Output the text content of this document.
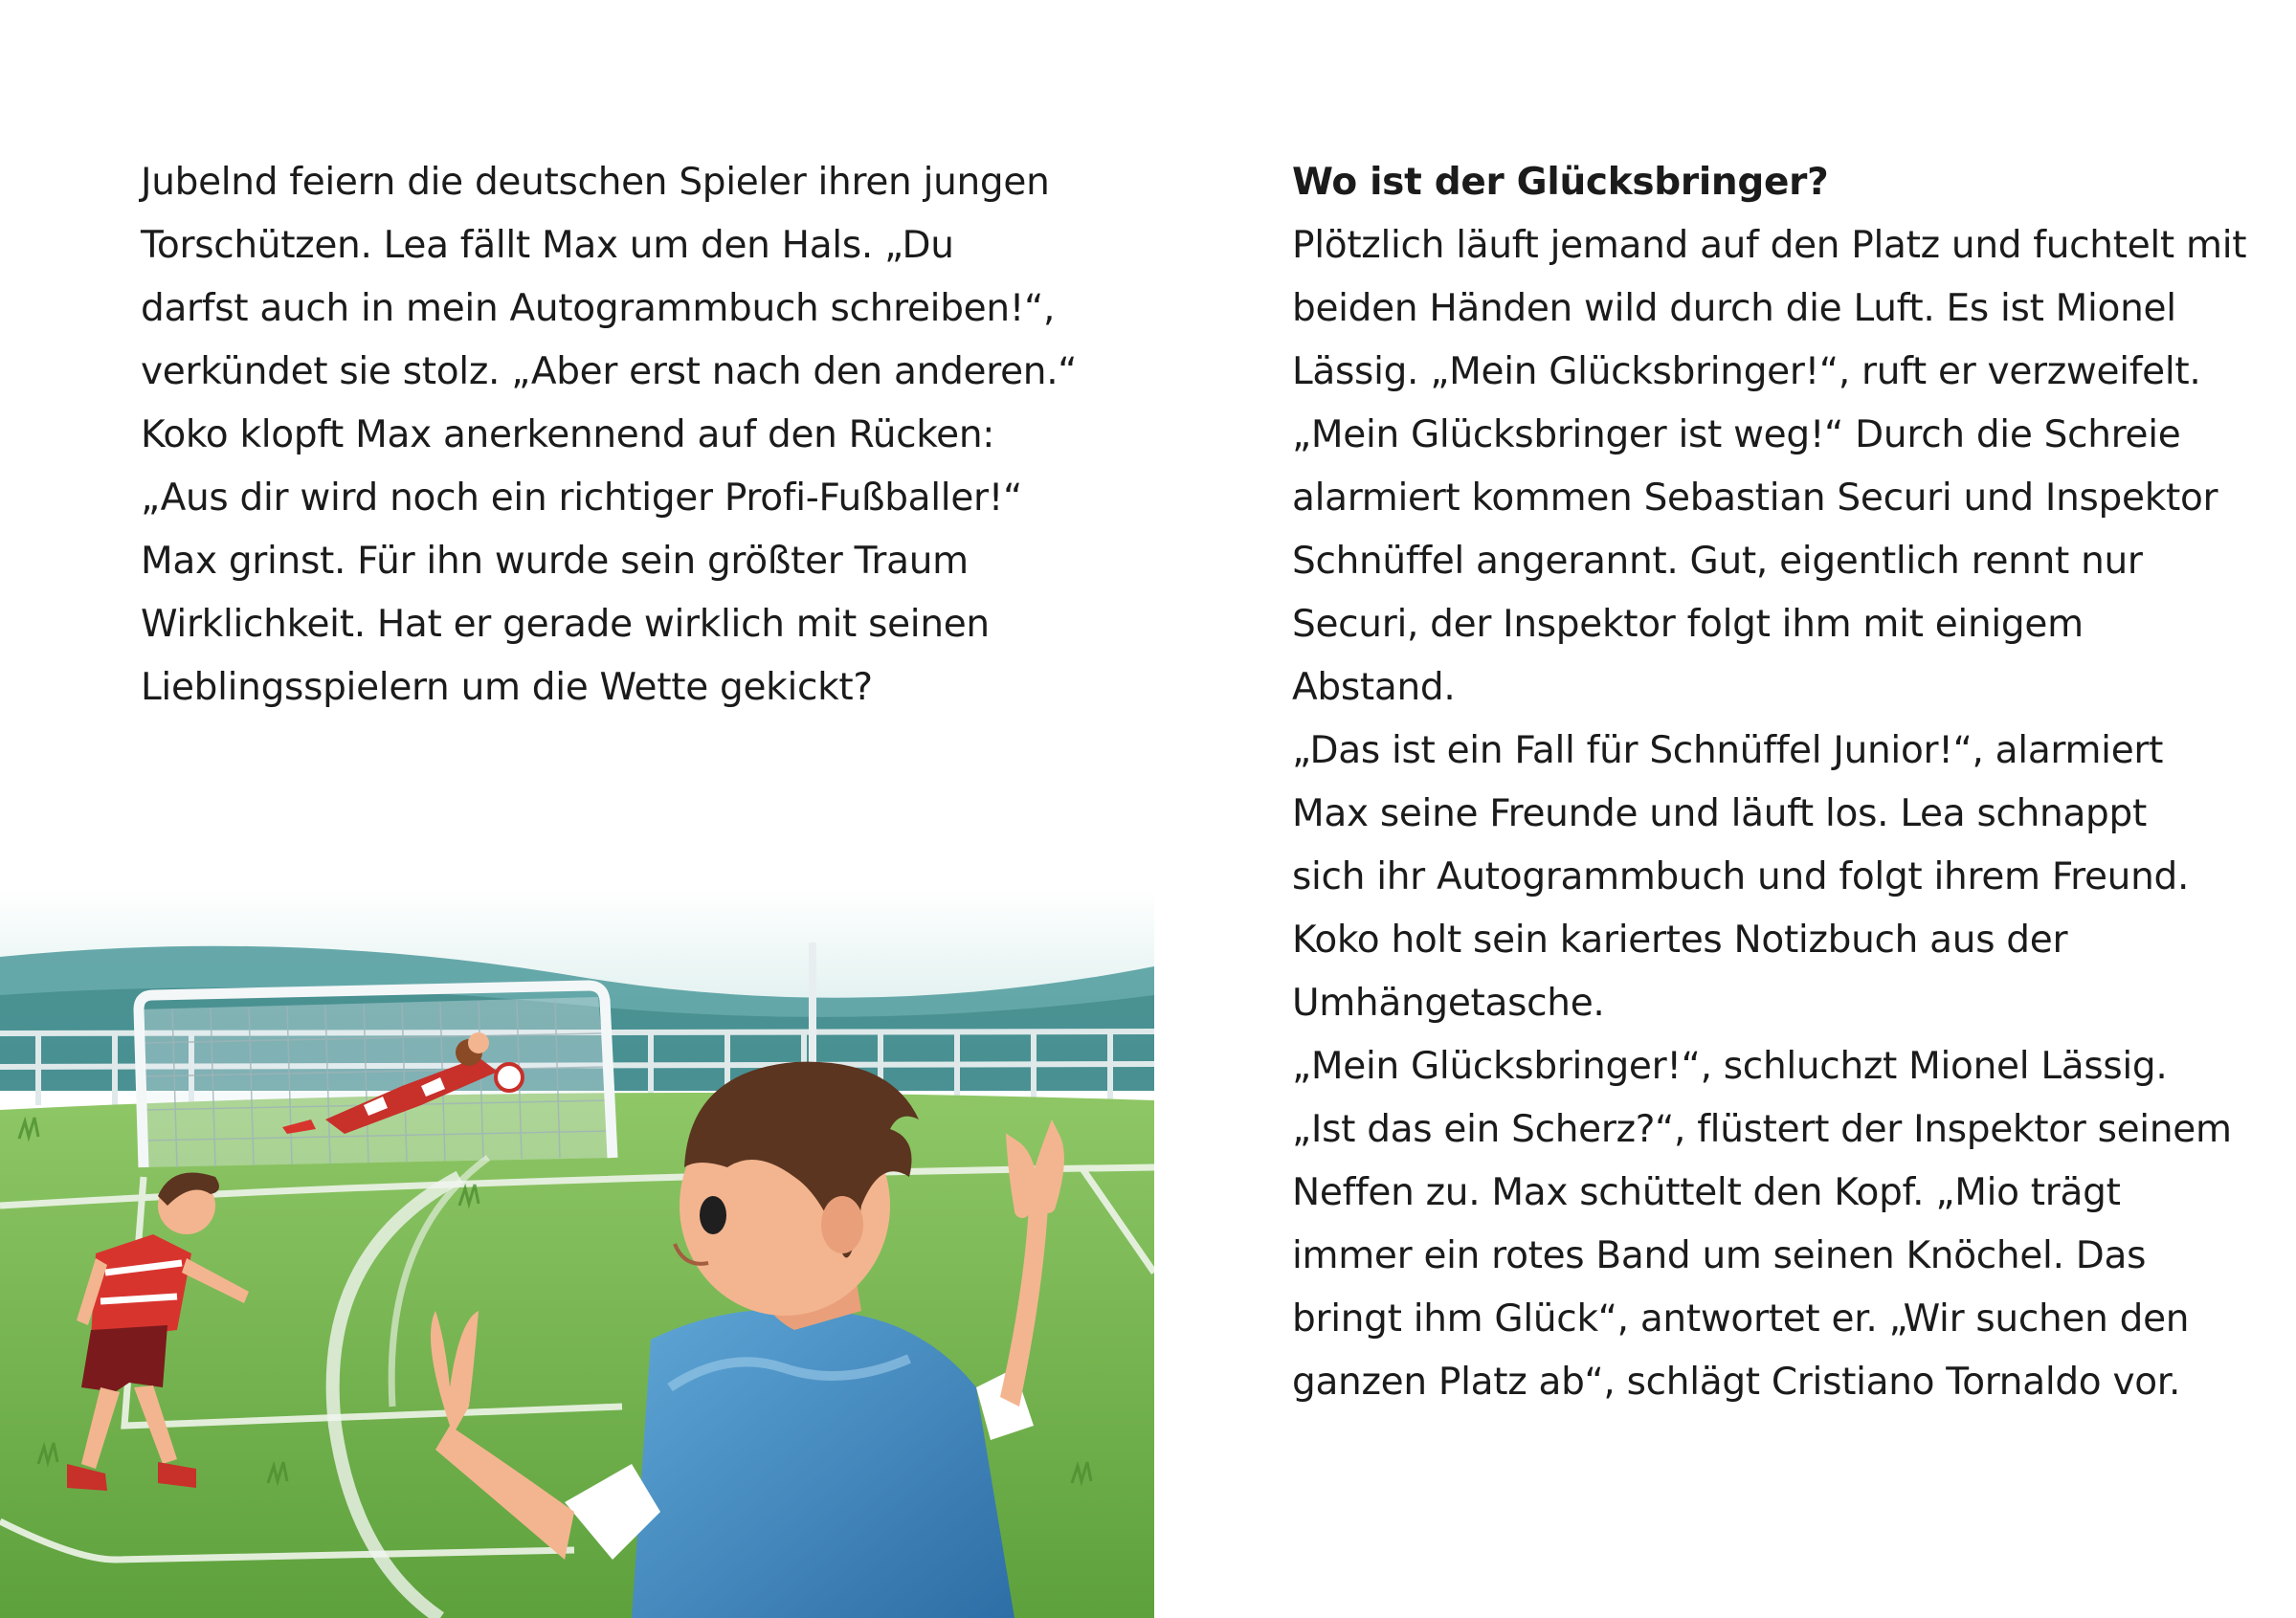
Jubelnd feiern die deutschen Spieler ihren jungen
Torschützen. Lea fällt Max um den Hals. „Du
darfst auch in mein Autogrammbuch schreiben!“,
verkündet sie stolz. „Aber erst nach den anderen.“
Koko klopft Max anerkennend auf den Rücken:
„Aus dir wird noch ein richtiger Profi-Fußballer!“
Max grinst. Für ihn wurde sein größter Traum
Wirklichkeit. Hat er gerade wirklich mit seinen
Lieblingsspielern um die Wette gekickt?
Wo ist der Glücksbringer?
Plötzlich läuft jemand auf den Platz und fuchtelt mit
beiden Händen wild durch die Luft. Es ist Mionel
Lässig. „Mein Glücksbringer!“, ruft er verzweifelt.
„Mein Glücksbringer ist weg!“ Durch die Schreie
alarmiert kommen Sebastian Securi und Inspektor
Schnüffel angerannt. Gut, eigentlich rennt nur
Securi, der Inspektor folgt ihm mit einigem
Abstand.
„Das ist ein Fall für Schnüffel Junior!“, alarmiert
Max seine Freunde und läuft los. Lea schnappt
sich ihr Autogrammbuch und folgt ihrem Freund.
Koko holt sein kariertes Notizbuch aus der
Umhängetasche.
„Mein Glücksbringer!“, schluchzt Mionel Lässig.
„Ist das ein Scherz?“, flüstert der Inspektor seinem
Neffen zu. Max schüttelt den Kopf. „Mio trägt
immer ein rotes Band um seinen Knöchel. Das
bringt ihm Glück“, antwortet er. „Wir suchen den
ganzen Platz ab“, schlägt Cristiano Tornaldo vor.
